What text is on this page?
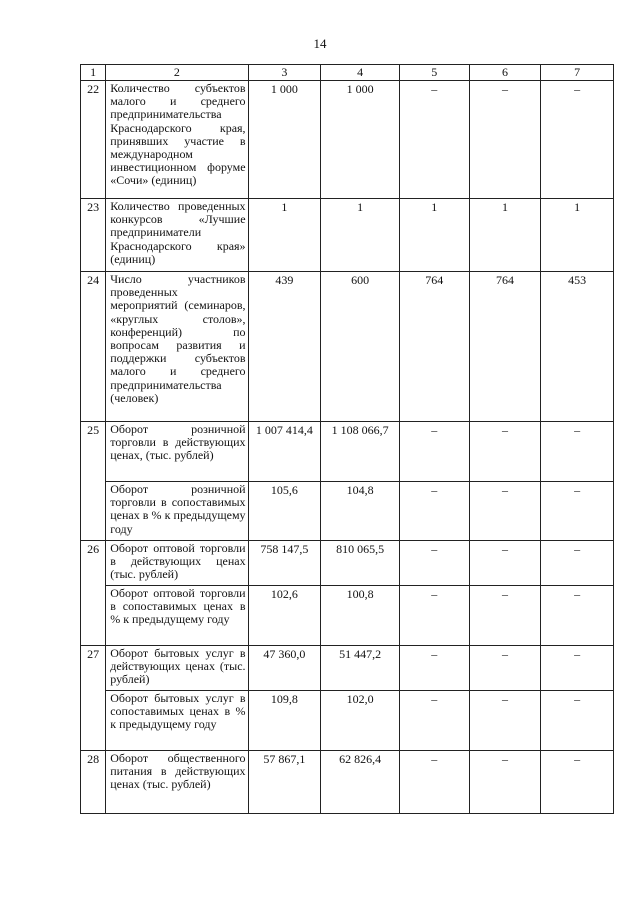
14
1	2	3	4	5	6	7
22	Количество субъектов малого и среднего предпринимательства Краснодарского края, принявших участие в международном инвестиционном форуме «Сочи» (единиц)	1 000	1 000	–	–	–
23	Количество проведенных конкурсов «Лучшие предприниматели Краснодарского края» (единиц)	1	1	1	1	1
24	Число участников проведенных мероприятий (семинаров, «круглых столов», конференций) по вопросам развития и поддержки субъектов малого и среднего предпринимательства (человек)	439	600	764	764	453
25	Оборот розничной торговли в действующих ценах, (тыс. рублей)	1 007 414,4	1 108 066,7	–	–	–
	Оборот розничной торговли в сопоставимых ценах в % к предыдущему году	105,6	104,8	–	–	–
26	Оборот оптовой торговли в действующих ценах (тыс. рублей)	758 147,5	810 065,5	–	–	–
	Оборот оптовой торговли в сопоставимых ценах в % к предыдущему году	102,6	100,8	–	–	–
27	Оборот бытовых услуг в действующих ценах (тыс. рублей)	47 360,0	51 447,2	–	–	–
	Оборот бытовых услуг в сопоставимых ценах в % к предыдущему году	109,8	102,0	–	–	–
28	Оборот общественного питания в действующих ценах (тыс. рублей)	57 867,1	62 826,4	–	–	–
